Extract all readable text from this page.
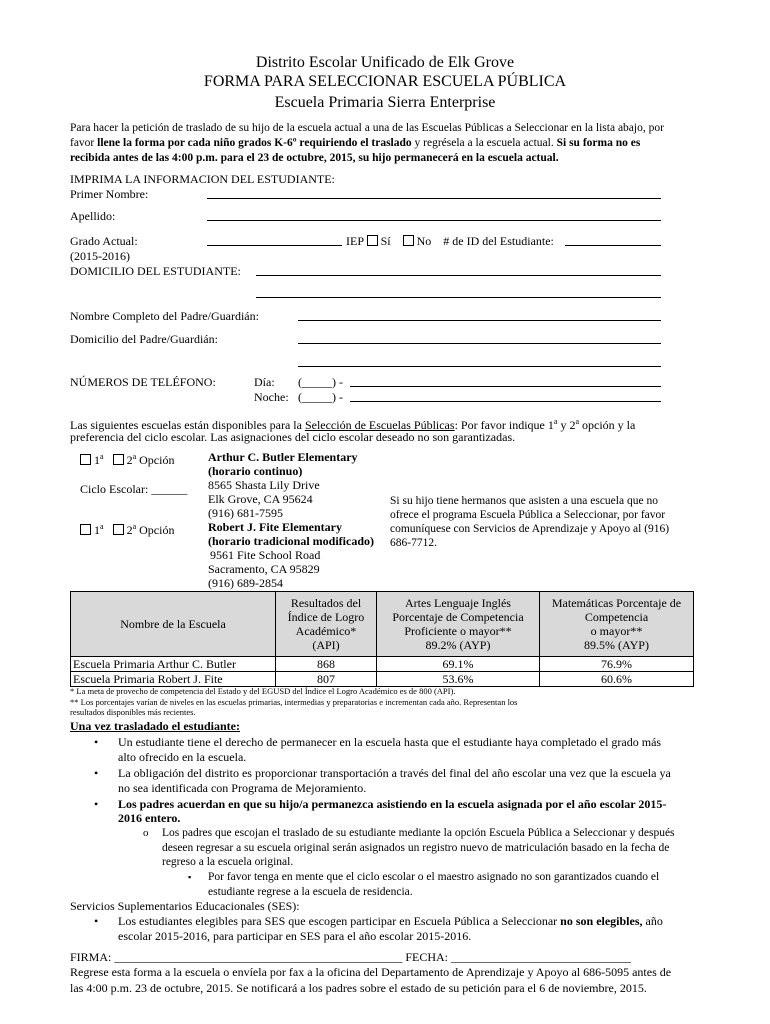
Distrito Escolar Unificado de Elk Grove
FORMA PARA SELECCIONAR ESCUELA PÚBLICA
Escuela Primaria Sierra Enterprise
Para hacer la petición de traslado de su hijo de la escuela actual a una de las Escuelas Públicas a Seleccionar en la lista abajo, por
favor llene la forma por cada niño grados K-6º requiriendo el traslado y regrésela a la escuela actual. Si su forma no es
recibida antes de las 4:00 p.m. para el 23 de octubre, 2015, su hijo permanecerá en la escuela actual.
IMPRIMA LA INFORMACION DEL ESTUDIANTE:
Primer Nombre:
Apellido:
Grado Actual:	IEP Sí No # de ID del Estudiante:
(2015-2016)
DOMICILIO DEL ESTUDIANTE:
Nombre Completo del Padre/Guardián:
Domicilio del Padre/Guardián:
NÚMEROS DE TELÉFONO:	Día: (_____) -
Noche: (_____) -
Las siguientes escuelas están disponibles para la Selección de Escuelas Públicas: Por favor indique 1$^a$ y 2$^a$ opción y la
preferencia del ciclo escolar. Las asignaciones del ciclo escolar deseado no son garantizadas.
1$^a$ 2$^a$ Opción
Ciclo Escolar: ______
1$^a$ 2$^a$ Opción
Arthur C. Butler Elementary
(horario continuo)
8565 Shasta Lily Drive
Elk Grove, CA 95624
(916) 681-7595
Robert J. Fite Elementary
(horario tradicional modificado)
9561 Fite School Road
Sacramento, CA 95829
(916) 689-2854
Si su hijo tiene hermanos que asisten a una escuela que no
ofrece el programa Escuela Pública a Seleccionar, por favor
comuníquese con Servicios de Aprendizaje y Apoyo al (916)
686-7712.
Nombre de la Escuela	Resultados del
Índice de Logro
Académico*
(API)	Artes Lenguaje Inglés
Porcentaje de Competencia
Proficiente o mayor**
89.2% (AYP)	Matemáticas Porcentaje de
Competencia
o mayor**
89.5% (AYP)
Escuela Primaria Arthur C. Butler	868	69.1%	76.9%
Escuela Primaria Robert J. Fite	807	53.6%	60.6%
* La meta de provecho de competencia del Estado y del EGUSD del Índice el Logro Académico es de 800 (API).
** Los porcentajes varían de niveles en las escuelas primarias, intermedias y preparatorias e incrementan cada año. Representan los
resultados disponibles más recientes.
Una vez trasladado el estudiante:
• Un estudiante tiene el derecho de permanecer en la escuela hasta que el estudiante haya completado el grado más
alto ofrecido en la escuela.
• La obligación del distrito es proporcionar transportación a través del final del año escolar una vez que la escuela ya
no sea identificada con Programa de Mejoramiento.
• Los padres acuerdan en que su hijo/a permanezca asistiendo en la escuela asignada por el año escolar 2015-
2016 entero.
o Los padres que escojan el traslado de su estudiante mediante la opción Escuela Pública a Seleccionar y después
deseen regresar a su escuela original serán asignados un registro nuevo de matriculación basado en la fecha de
regreso a la escuela original.
▪ Por favor tenga en mente que el ciclo escolar o el maestro asignado no son garantizados cuando el
estudiante regrese a la escuela de residencia.
Servicios Suplementarios Educacionales (SES):
• Los estudiantes elegibles para SES que escogen participar en Escuela Pública a Seleccionar no son elegibles, año
escolar 2015-2016, para participar en SES para el año escolar 2015-2016.
FIRMA: ________________________________________________ FECHA: ______________________________
Regrese esta forma a la escuela o envíela por fax a la oficina del Departamento de Aprendizaje y Apoyo al 686-5095 antes de
las 4:00 p.m. 23 de octubre, 2015. Se notificará a los padres sobre el estado de su petición para el 6 de noviembre, 2015.
